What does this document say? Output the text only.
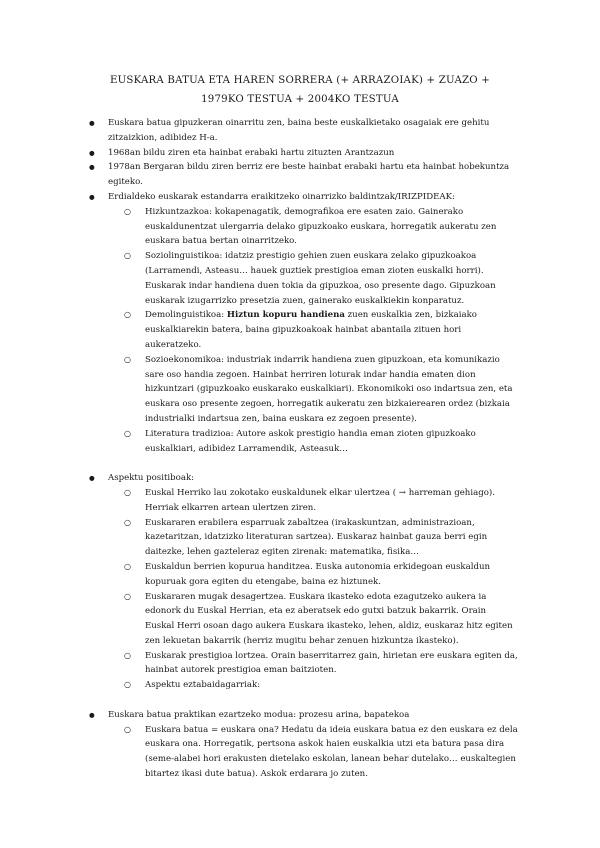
EUSKARA BATUA ETA HAREN SORRERA (+ ARRAZOIAK) + ZUAZO + 1979KO TESTUA + 2004KO TESTUA
● Euskara batua gipuzkeran oinarritu zen, baina beste euskalkietako osagaiak ere gehitu zitzaizkion, adibidez H-a.
● 1968an bildu ziren eta hainbat erabaki hartu zituzten Arantzazun
● 1978an Bergaran bildu ziren berriz ere beste hainbat erabaki hartu eta hainbat hobekuntza egiteko.
● Erdialdeko euskarak estandarra eraikitzeko oinarrizko baldintzak/IRIZPIDEAK:
○ Hizkuntzazkoa: kokapenagatik, demografikoa ere esaten zaio. Gainerako euskaldunentzat ulergarria delako gipuzkoako euskara, horregatik aukeratu zen euskara batua bertan oinarritzeko.
○ Soziolinguistikoa: idatziz prestigio gehien zuen euskara zelako gipuzkoakoa (Larramendi, Asteasu… hauek guztiek prestigioa eman zioten euskalki horri). Euskarak indar handiena duen tokia da gipuzkoa, oso presente dago. Gipuzkoan euskarak izugarrizko presetzia zuen, gainerako euskalkiekin konparatuz.
○ Demolinguistikoa: Hiztun kopuru handiena zuen euskalkia zen, bizkaiako euskalkiarekin batera, baina gipuzkoakoak hainbat abantaila zituen hori aukeratzeko.
○ Sozioekonomikoa: industriak indarrik handiena zuen gipuzkoan, eta komunikazio sare oso handia zegoen. Hainbat herriren loturak indar handia ematen dion hizkuntzari (gipuzkoako euskarako euskalkiari). Ekonomikoki oso indartsua zen, eta euskara oso presente zegoen, horregatik aukeratu zen bizkaierearen ordez (bizkaia industrialki indartsua zen, baina euskara ez zegoen presente).
○ Literatura tradizioa: Autore askok prestigio handia eman zioten gipuzkoako euskalkiari, adibidez Larramendik, Asteasuk…
● Aspektu positiboak:
○ Euskal Herriko lau zokotako euskaldunek elkar ulertzea ( → harreman gehiago). Herriak elkarren artean ulertzen ziren.
○ Euskararen erabilera esparruak zabaltzea (irakaskuntzan, administrazioan, kazetaritzan, idatzizko literaturan sartzea). Euskaraz hainbat gauza berri egin daitezke, lehen gazteleraz egiten zirenak: matematika, fisika…
○ Euskaldun berrien kopurua handitzea. Euska autonomia erkidegoan euskaldun kopuruak gora egiten du etengabe, baina ez hiztunek.
○ Euskararen mugak desagertzea. Euskara ikasteko edota ezagutzeko aukera ia edonork du Euskal Herrian, eta ez aberatsek edo gutxi batzuk bakarrik. Orain Euskal Herri osoan dago aukera Euskara ikasteko, lehen, aldiz, euskaraz hitz egiten zen lekuetan bakarrik (herriz mugitu behar zenuen hizkuntza ikasteko).
○ Euskarak prestigioa lortzea. Orain baserritarrez gain, hirietan ere euskara egiten da, hainbat autorek prestigioa eman baitzioten.
○ Aspektu eztabaidagarriak:
● Euskara batua praktikan ezartzeko modua: prozesu arina, bapatekoa
○ Euskara batua = euskara ona? Hedatu da ideia euskara batua ez den euskara ez dela euskara ona. Horregatik, pertsona askok haien euskalkia utzi eta batura pasa dira (seme-alabei hori erakusten dietelako eskolan, lanean behar dutelako… euskaltegien bitartez ikasi dute batua). Askok erdarara jo zuten.
